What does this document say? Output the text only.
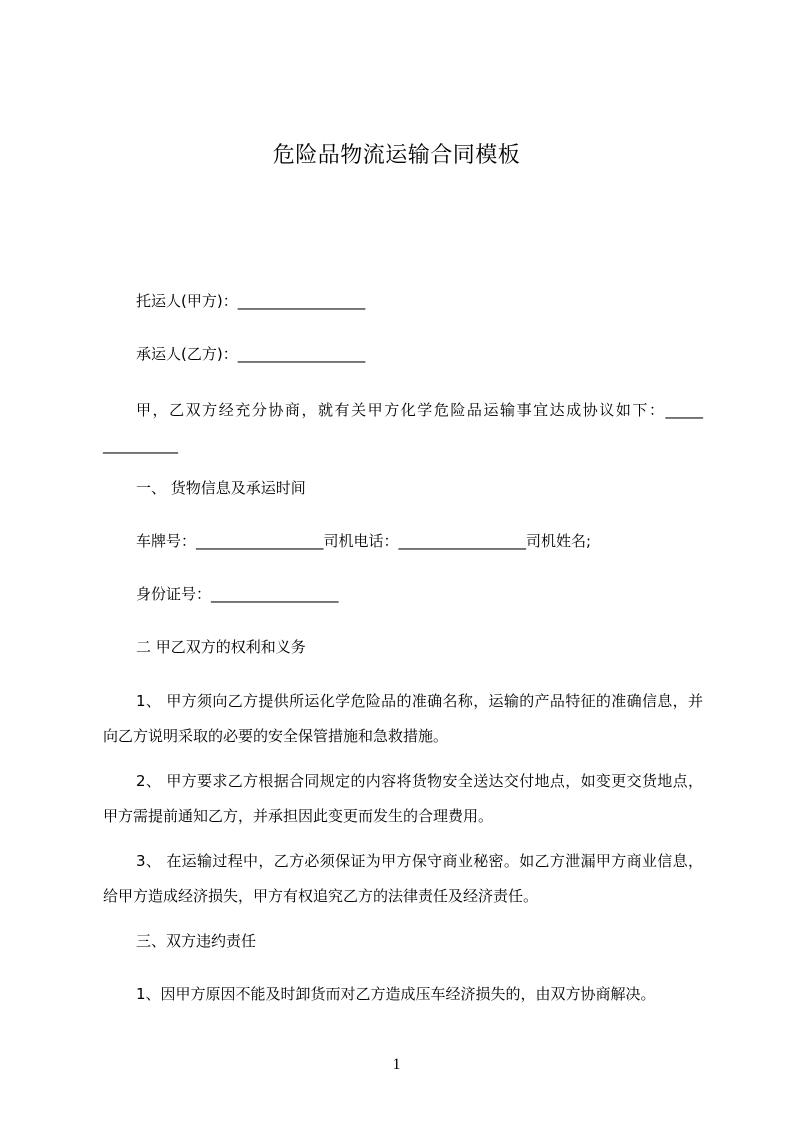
危险品物流运输合同模板
托运人(甲方)：_________________
承运人(乙方)：_________________
甲，乙双方经充分协商，就有关甲方化学危险品运输事宜达成协议如下：_____ __________
一、 货物信息及承运时间
车牌号：_________________司机电话：_________________司机姓名;
身份证号：_________________
二 甲乙双方的权利和义务
1、 甲方须向乙方提供所运化学危险品的准确名称，运输的产品特征的准确信息，并向乙方说明采取的必要的安全保管措施和急救措施。
2、 甲方要求乙方根据合同规定的内容将货物安全送达交付地点，如变更交货地点，甲方需提前通知乙方，并承担因此变更而发生的合理费用。
3、 在运输过程中，乙方必须保证为甲方保守商业秘密。如乙方泄漏甲方商业信息，给甲方造成经济损失，甲方有权追究乙方的法律责任及经济责任。
三、双方违约责任
1、因甲方原因不能及时卸货而对乙方造成压车经济损失的，由双方协商解决。
1
